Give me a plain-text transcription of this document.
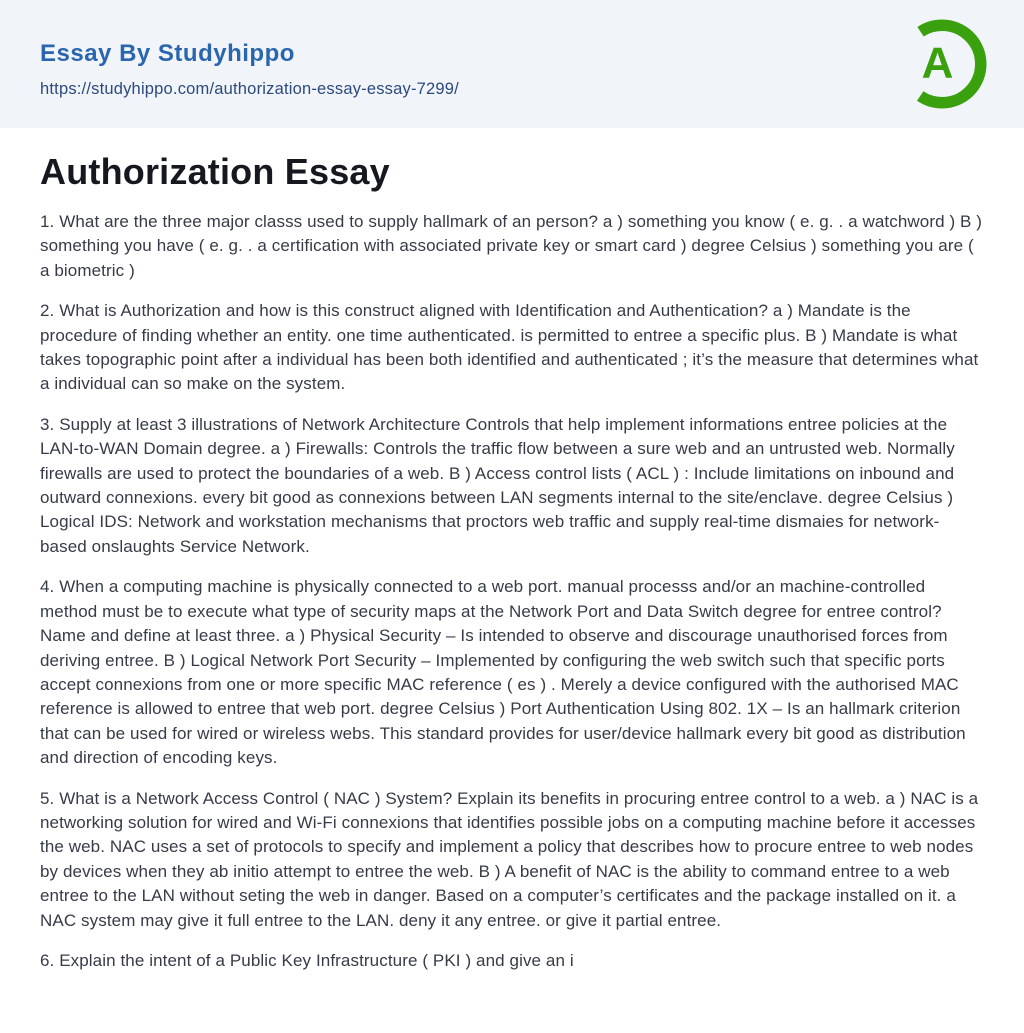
Essay By Studyhippo
https://studyhippo.com/authorization-essay-essay-7299/
A
Authorization Essay

1. What are the three major classs used to supply hallmark of an person? a ) something you know ( e. g. . a watchword ) B ) something you have ( e. g. . a certification with associated private key or smart card ) degree Celsius ) something you are ( a biometric )

2. What is Authorization and how is this construct aligned with Identification and Authentication? a ) Mandate is the procedure of finding whether an entity. one time authenticated. is permitted to entree a specific plus. B ) Mandate is what takes topographic point after a individual has been both identified and authenticated ; it’s the measure that determines what a individual can so make on the system.

3. Supply at least 3 illustrations of Network Architecture Controls that help implement informations entree policies at the LAN-to-WAN Domain degree. a ) Firewalls: Controls the traffic flow between a sure web and an untrusted web. Normally firewalls are used to protect the boundaries of a web. B ) Access control lists ( ACL ) : Include limitations on inbound and outward connexions. every bit good as connexions between LAN segments internal to the site/enclave. degree Celsius ) Logical IDS: Network and workstation mechanisms that proctors web traffic and supply real-time dismaies for network-based onslaughts Service Network.

4. When a computing machine is physically connected to a web port. manual processs and/or an machine-controlled method must be to execute what type of security maps at the Network Port and Data Switch degree for entree control? Name and define at least three. a ) Physical Security – Is intended to observe and discourage unauthorised forces from deriving entree. B ) Logical Network Port Security – Implemented by configuring the web switch such that specific ports accept connexions from one or more specific MAC reference ( es ) . Merely a device configured with the authorised MAC reference is allowed to entree that web port. degree Celsius ) Port Authentication Using 802. 1X – Is an hallmark criterion that can be used for wired or wireless webs. This standard provides for user/device hallmark every bit good as distribution and direction of encoding keys.

5. What is a Network Access Control ( NAC ) System? Explain its benefits in procuring entree control to a web. a ) NAC is a networking solution for wired and Wi-Fi connexions that identifies possible jobs on a computing machine before it accesses the web. NAC uses a set of protocols to specify and implement a policy that describes how to procure entree to web nodes by devices when they ab initio attempt to entree the web. B ) A benefit of NAC is the ability to command entree to a web entree to the LAN without seting the web in danger. Based on a computer’s certificates and the package installed on it. a NAC system may give it full entree to the LAN. deny it any entree. or give it partial entree.

6. Explain the intent of a Public Key Infrastructure ( PKI ) and give an i
